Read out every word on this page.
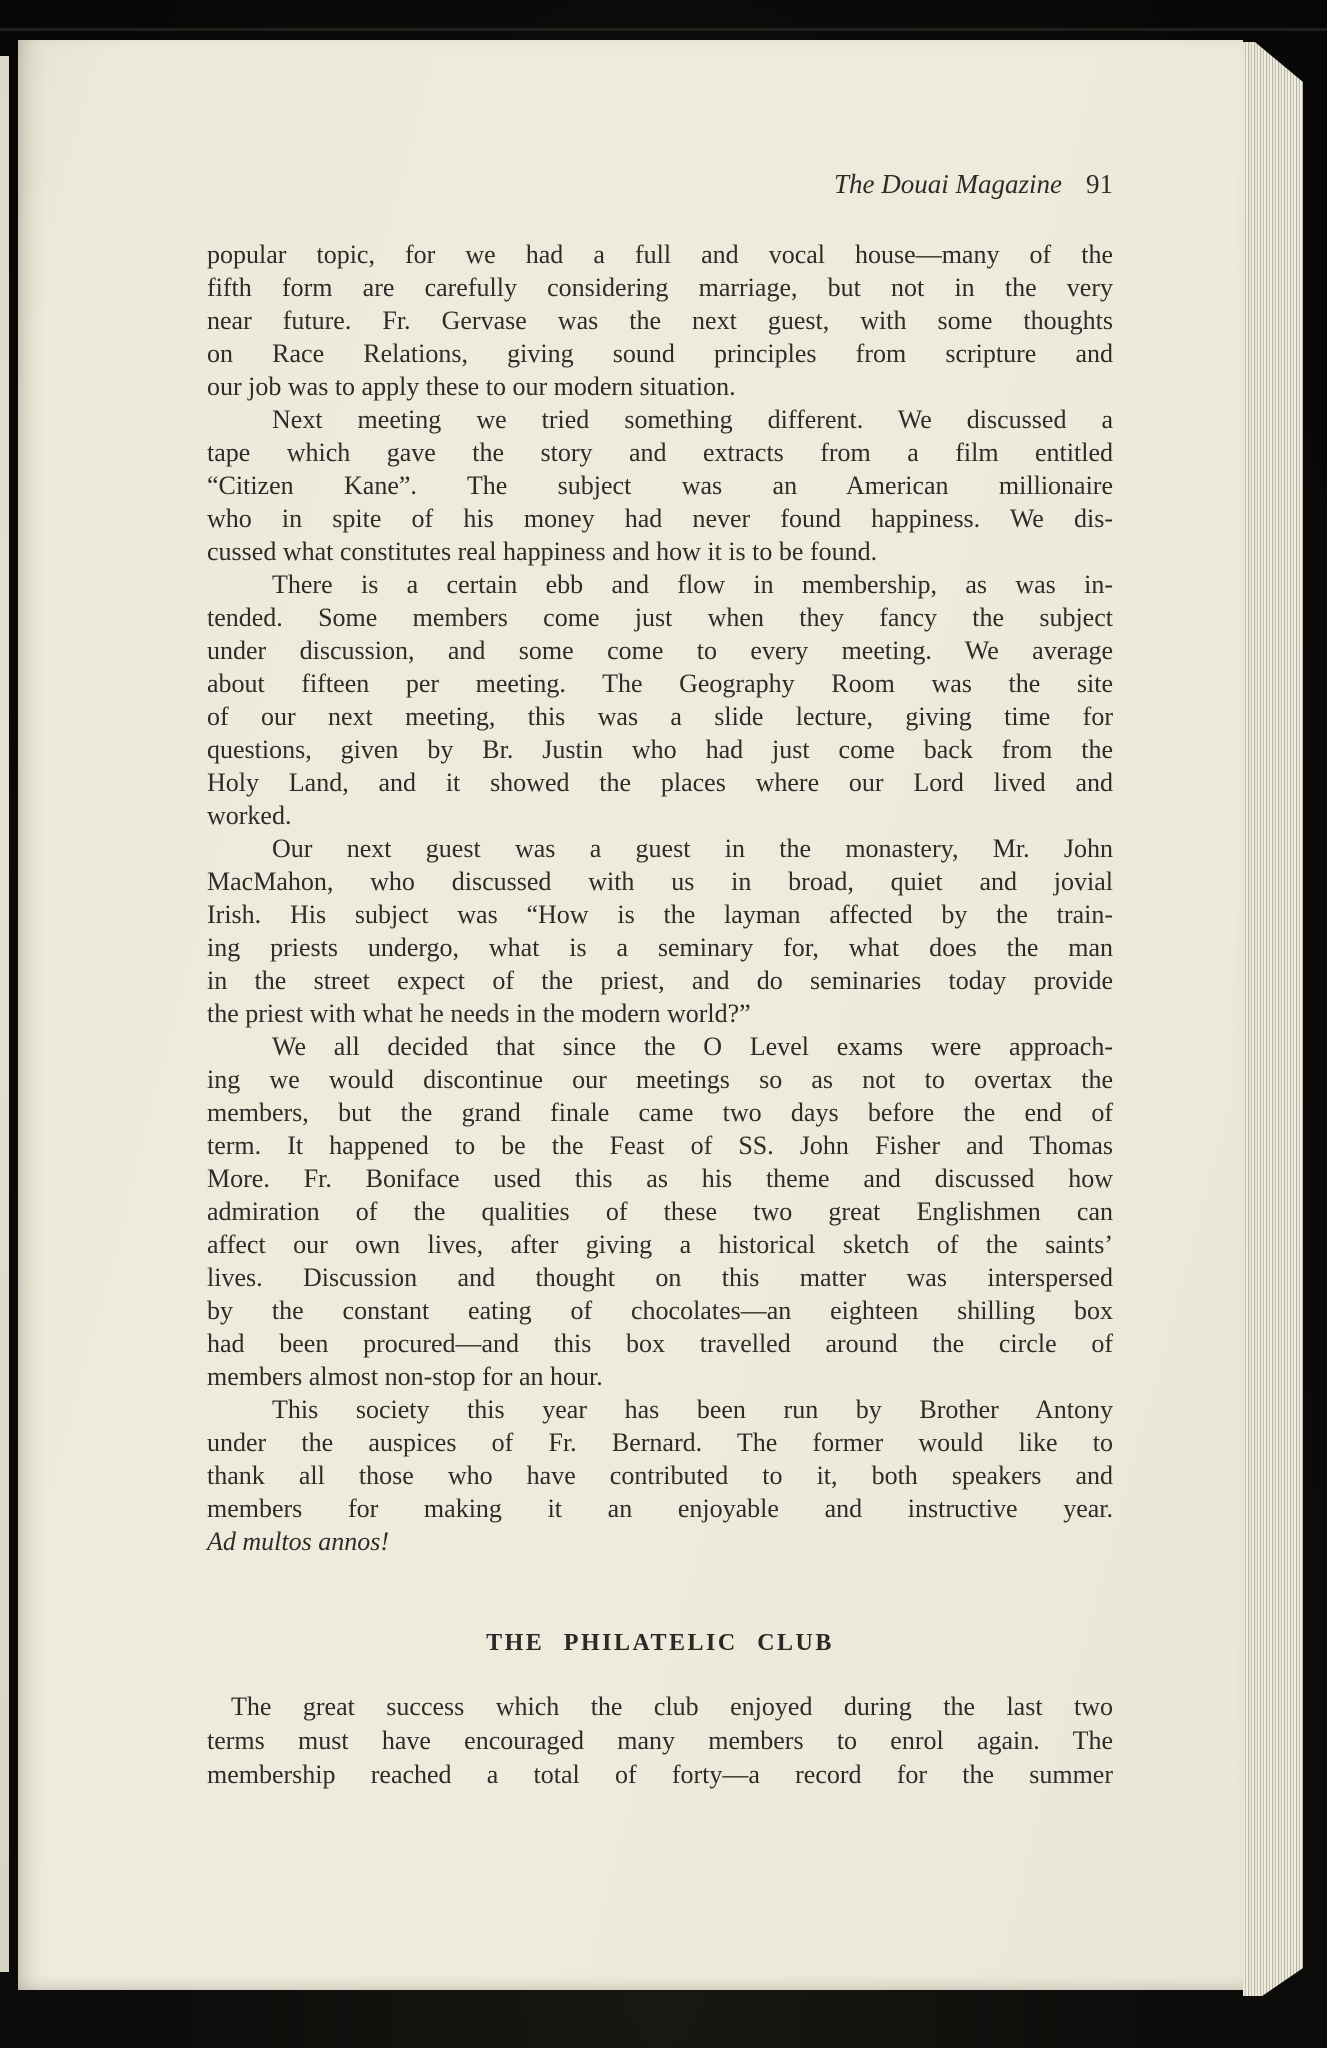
The Douai Magazine 91
popular topic, for we had a full and vocal house—many of the
fifth form are carefully considering marriage, but not in the very
near future. Fr. Gervase was the next guest, with some thoughts
on Race Relations, giving sound principles from scripture and
our job was to apply these to our modern situation.
Next meeting we tried something different. We discussed a
tape which gave the story and extracts from a film entitled
“Citizen Kane”. The subject was an American millionaire
who in spite of his money had never found happiness. We dis-
cussed what constitutes real happiness and how it is to be found.
There is a certain ebb and flow in membership, as was in-
tended. Some members come just when they fancy the subject
under discussion, and some come to every meeting. We average
about fifteen per meeting. The Geography Room was the site
of our next meeting, this was a slide lecture, giving time for
questions, given by Br. Justin who had just come back from the
Holy Land, and it showed the places where our Lord lived and
worked.
Our next guest was a guest in the monastery, Mr. John
MacMahon, who discussed with us in broad, quiet and jovial
Irish. His subject was “How is the layman affected by the train-
ing priests undergo, what is a seminary for, what does the man
in the street expect of the priest, and do seminaries today provide
the priest with what he needs in the modern world?”
We all decided that since the O Level exams were approach-
ing we would discontinue our meetings so as not to overtax the
members, but the grand finale came two days before the end of
term. It happened to be the Feast of SS. John Fisher and Thomas
More. Fr. Boniface used this as his theme and discussed how
admiration of the qualities of these two great Englishmen can
affect our own lives, after giving a historical sketch of the saints’
lives. Discussion and thought on this matter was interspersed
by the constant eating of chocolates—an eighteen shilling box
had been procured—and this box travelled around the circle of
members almost non-stop for an hour.
This society this year has been run by Brother Antony
under the auspices of Fr. Bernard. The former would like to
thank all those who have contributed to it, both speakers and
members for making it an enjoyable and instructive year.
Ad multos annos!
THE PHILATELIC CLUB
The great success which the club enjoyed during the last two
terms must have encouraged many members to enrol again. The
membership reached a total of forty—a record for the summer
